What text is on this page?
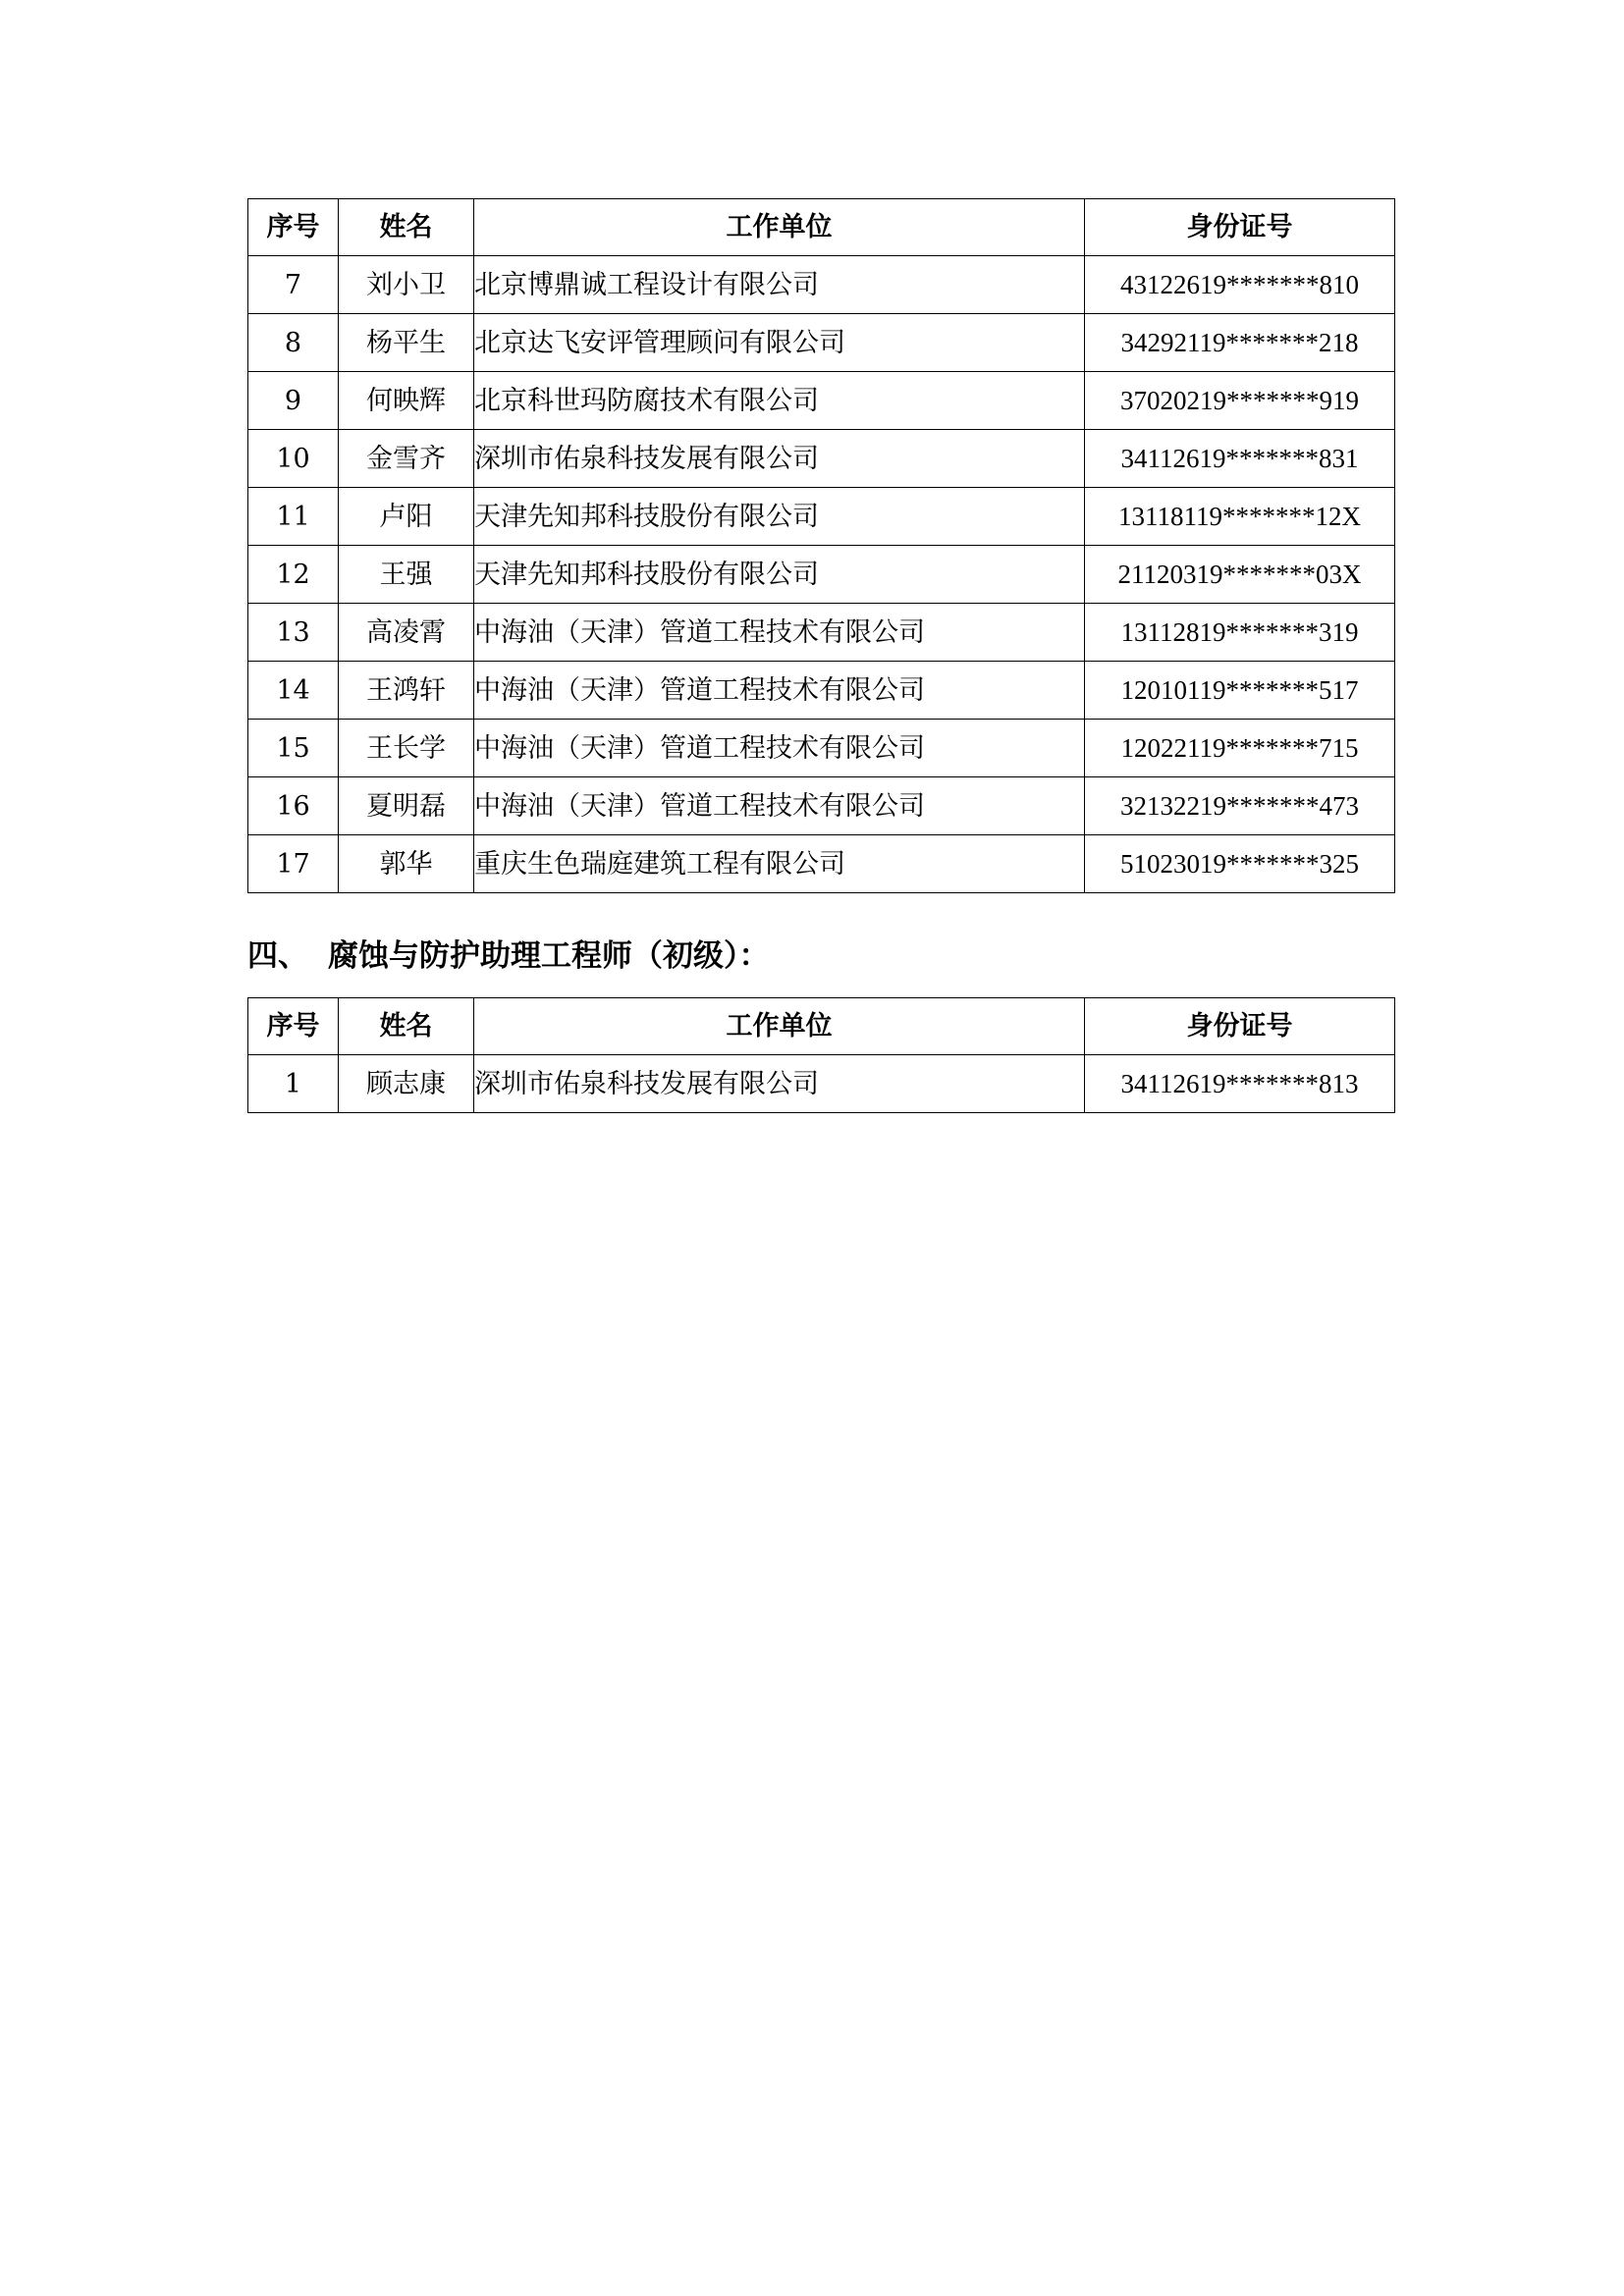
序号	姓名	工作单位	身份证号
7	刘小卫	北京博鼎诚工程设计有限公司	43122619*******810
8	杨平生	北京达飞安评管理顾问有限公司	34292119*******218
9	何映辉	北京科世玛防腐技术有限公司	37020219*******919
10	金雪齐	深圳市佑泉科技发展有限公司	34112619*******831
11	卢阳	天津先知邦科技股份有限公司	13118119*******12X
12	王强	天津先知邦科技股份有限公司	21120319*******03X
13	高凌霄	中海油（天津）管道工程技术有限公司	13112819*******319
14	王鸿轩	中海油（天津）管道工程技术有限公司	12010119*******517
15	王长学	中海油（天津）管道工程技术有限公司	12022119*******715
16	夏明磊	中海油（天津）管道工程技术有限公司	32132219*******473
17	郭华	重庆生色瑞庭建筑工程有限公司	51023019*******325
四、 腐蚀与防护助理工程师（初级）：
序号	姓名	工作单位	身份证号
1	顾志康	深圳市佑泉科技发展有限公司	34112619*******813
